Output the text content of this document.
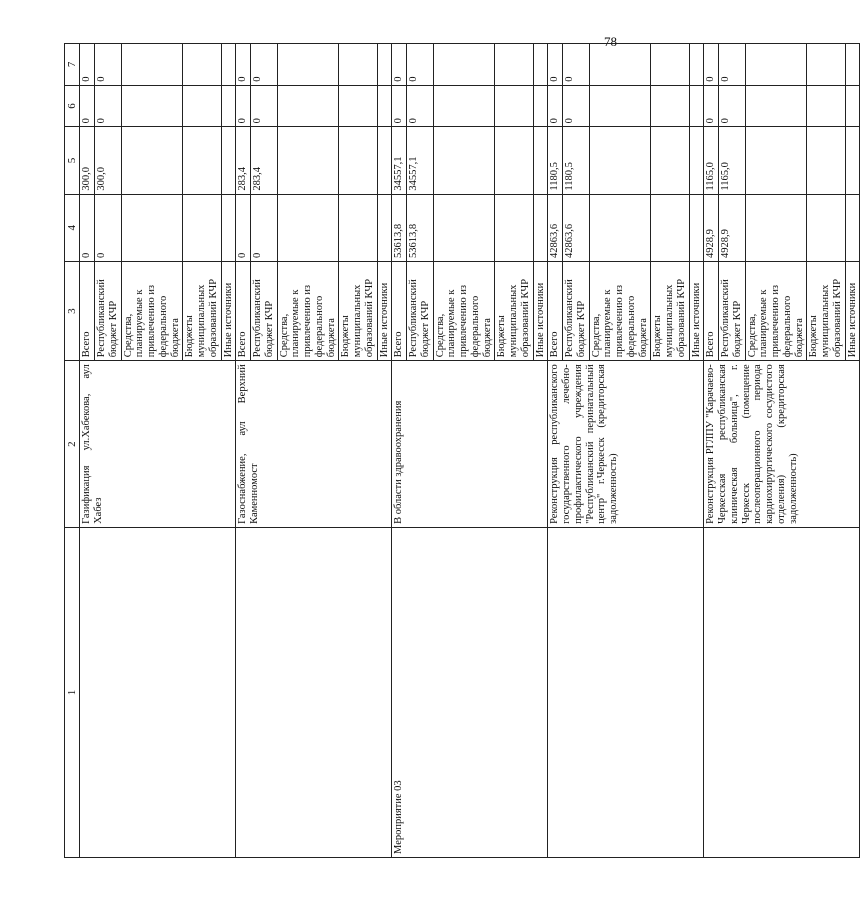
78
1	2	3	4	5	6	7
	Газификация ул.Хабекова, аул Хабез	Всего	0	300,0	0	0
		Республиканский бюджет КЧР	0	300,0	0	0
		Средства, планируемые к привлечению из федерального бюджета				
		Бюджеты муниципальных образований КЧР				
		Иные источники				
	Газоснабжение, аул Верхний Каменномост	Всего	0	283,4	0	0
		Республиканский бюджет КЧР	0	283,4	0	0
		Средства, планируемые к привлечению из федерального бюджета				
		Бюджеты муниципальных образований КЧР				
		Иные источники				
Мероприятие 03	В области здравоохранения	Всего	53613,8	34557,1	0	0
		Республиканский бюджет КЧР	53613,8	34557,1	0	0
		Средства, планируемые к привлечению из федерального бюджета				
		Бюджеты муниципальных образований КЧР				
		Иные источники				
	Реконструкция республиканского государственного лечебно-профилактического учреждения "Республиканский перинатальный центр" г.Черкесск (кредиторская задолженность)	Всего	42863,6	1180,5	0	0
		Республиканский бюджет КЧР	42863,6	1180,5	0	0
		Средства, планируемые к привлечению из федерального бюджета				
		Бюджеты муниципальных образований КЧР				
		Иные источники				
	Реконструкция РГЛПУ "Карачаево-Черкесская республиканская клиническая больница", г. Черкесск (помещение послеоперационного периода кардиохирургического сосудистого отделения) (кредиторская задолженность)	Всего	4928,9	1165,0	0	0
		Республиканский бюджет КЧР	4928,9	1165,0	0	0
		Средства, планируемые к привлечению из федерального бюджета				
		Бюджеты муниципальных образований КЧР				
		Иные источники				
